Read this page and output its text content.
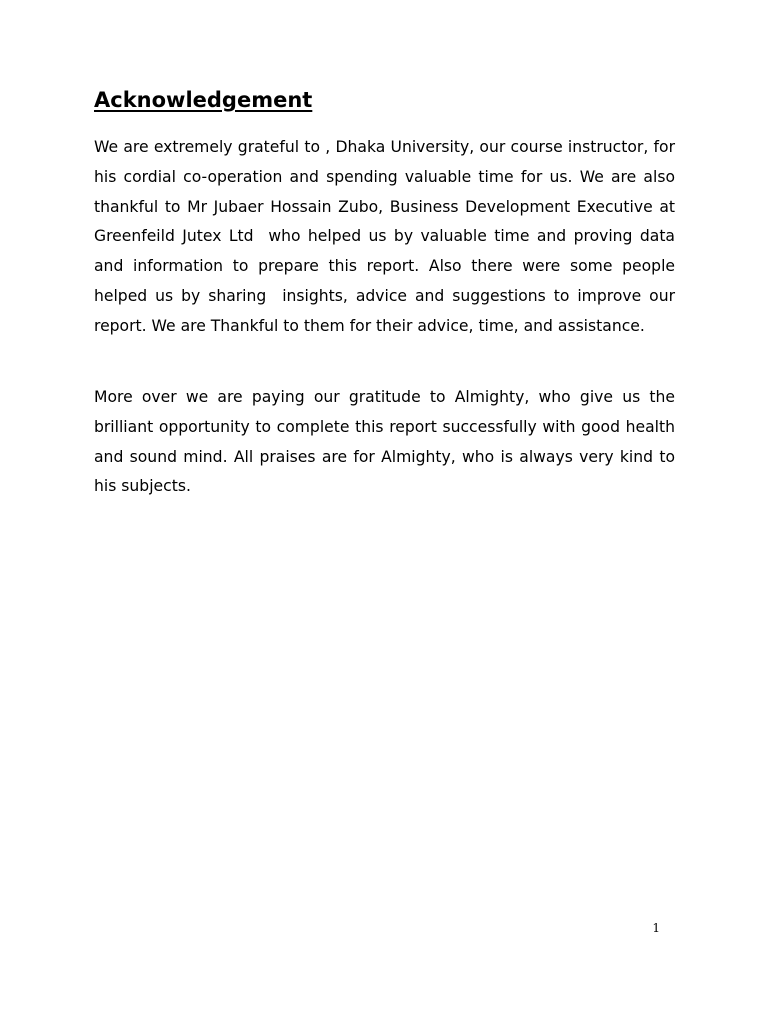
Acknowledgement

We are extremely grateful to , Dhaka University, our course instructor, for his cordial co-operation and spending valuable time for us. We are also thankful to Mr Jubaer Hossain Zubo, Business Development Executive at Greenfeild Jutex Ltd  who helped us by valuable time and proving data and information to prepare this report. Also there were some people helped us by sharing  insights, advice and suggestions to improve our report. We are Thankful to them for their advice, time, and assistance.

More over we are paying our gratitude to Almighty, who give us the brilliant opportunity to complete this report successfully with good health and sound mind. All praises are for Almighty, who is always very kind to his subjects.

1
